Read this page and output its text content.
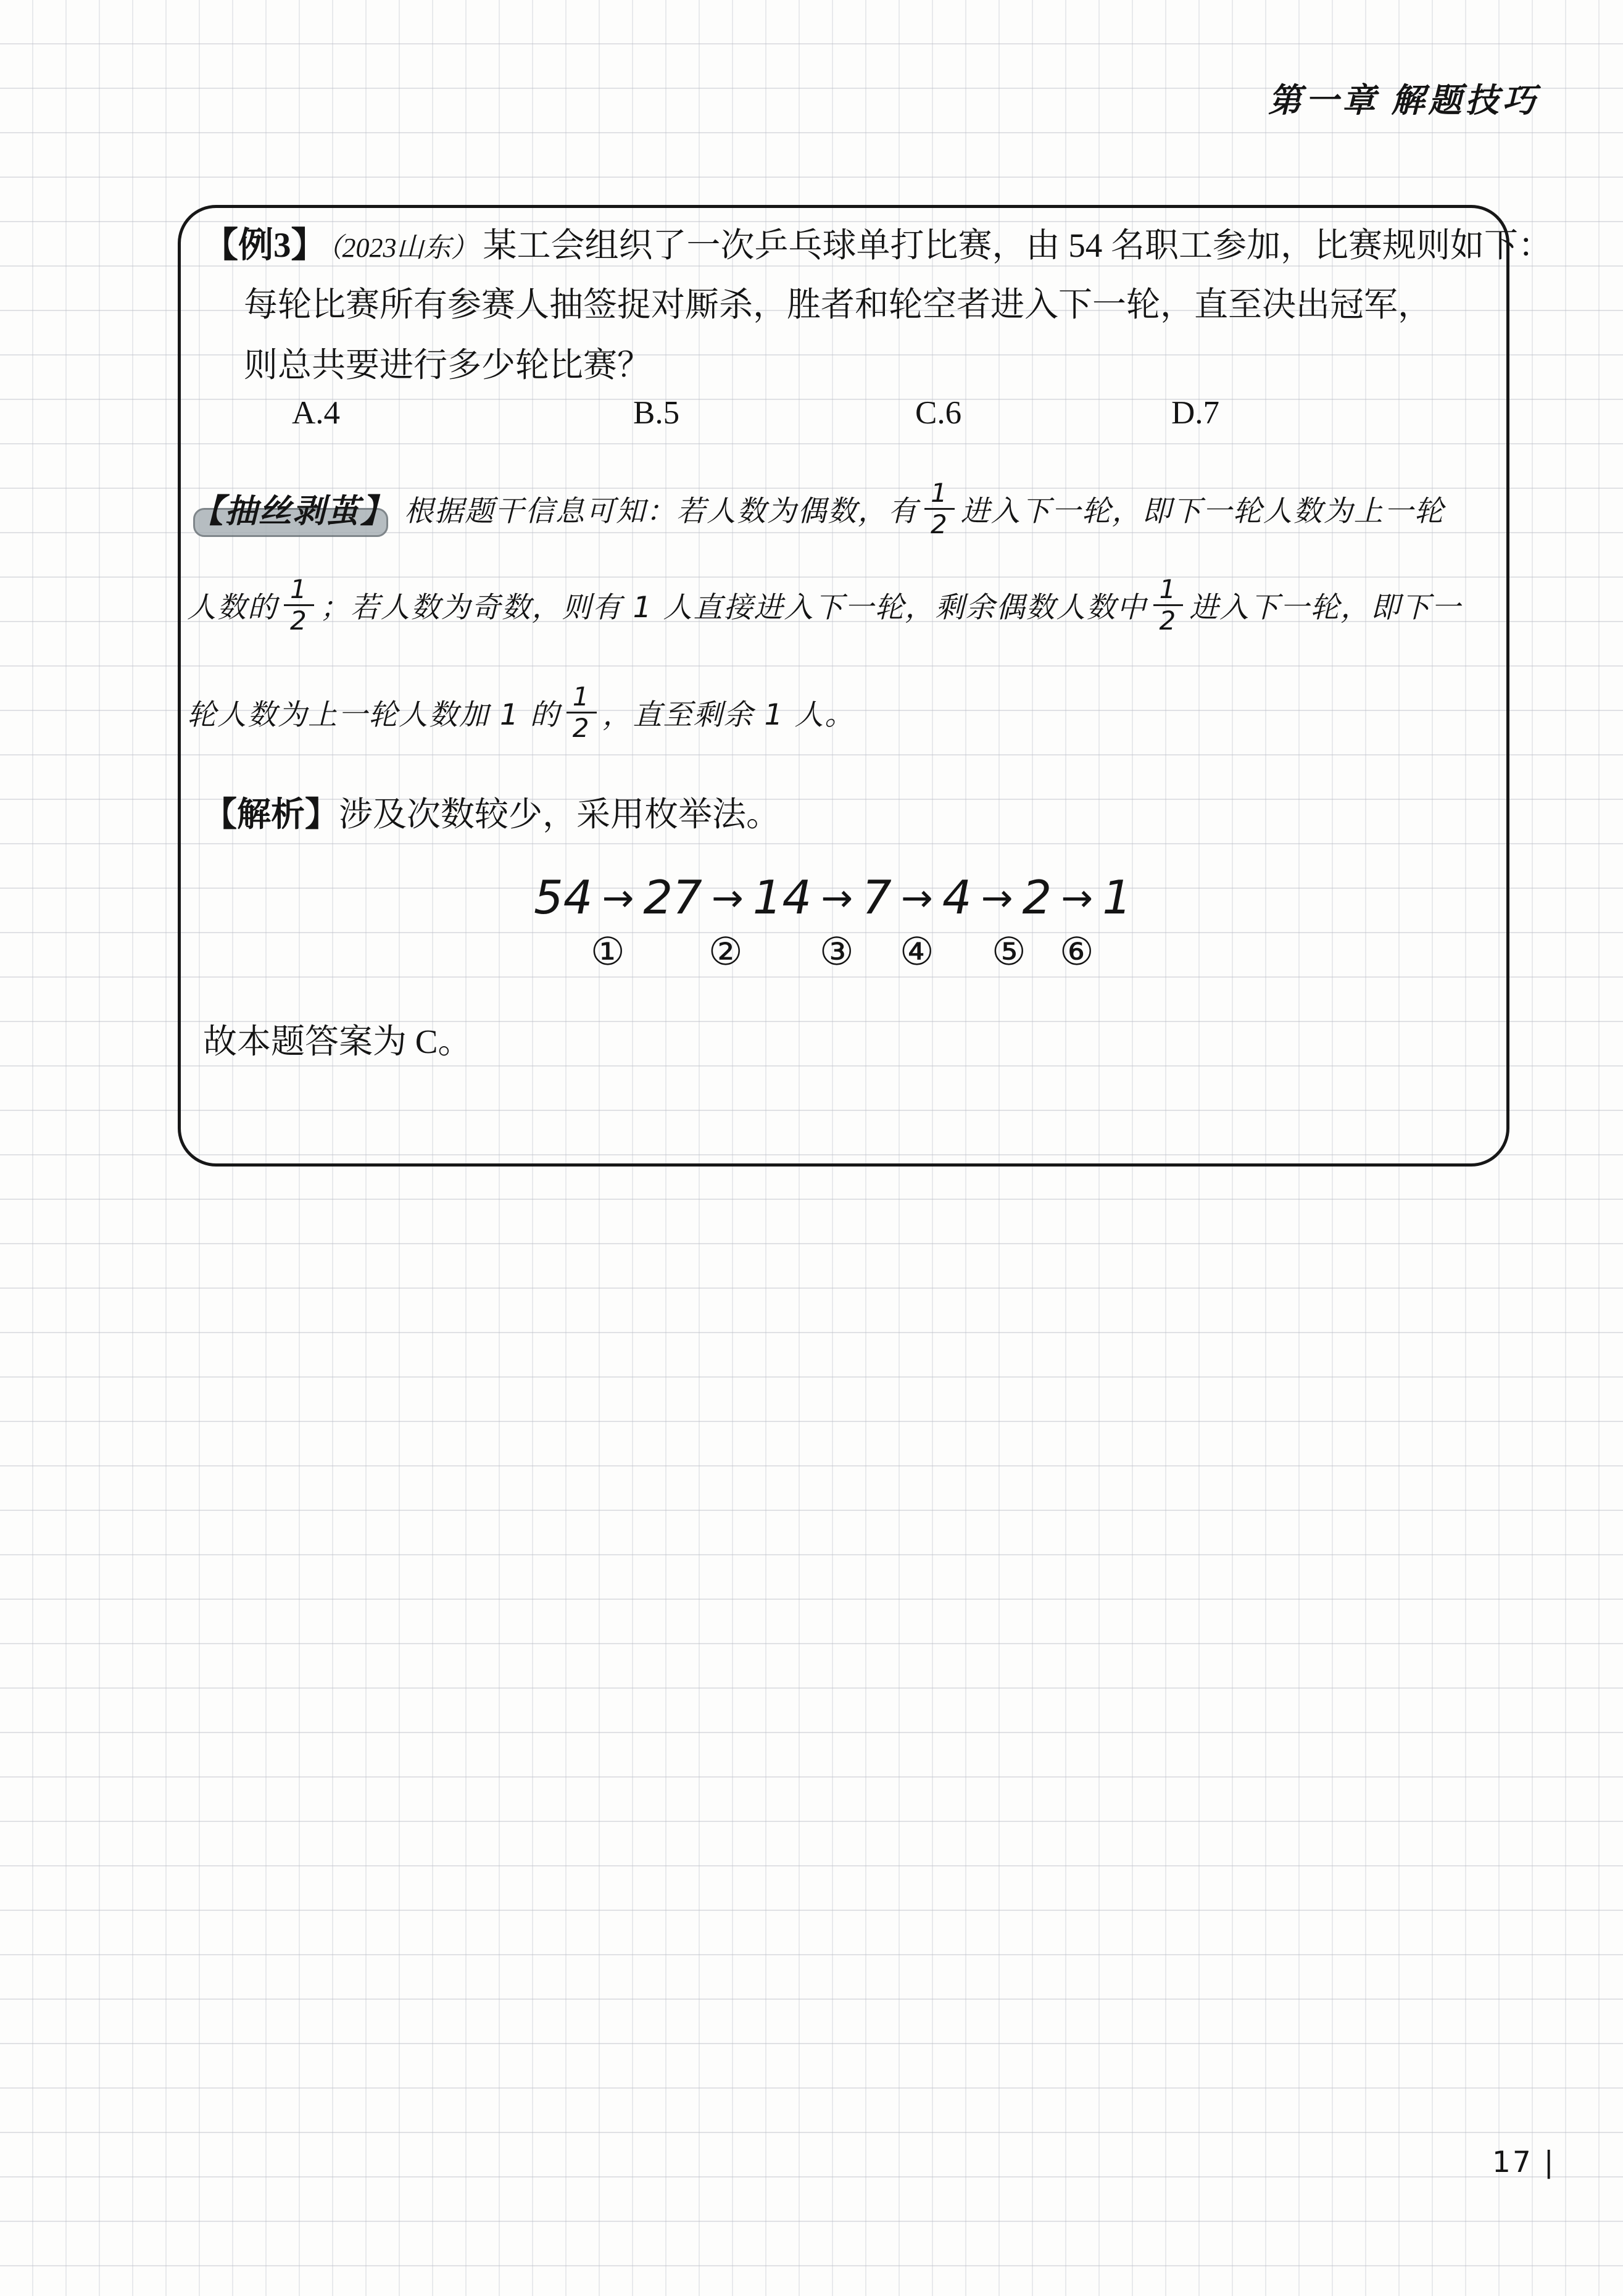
第一章 解题技巧
【例3】（2023山东） 某工会组织了一次乒乓球单打比赛，由 54 名职工参加，比赛规则如下：
每轮比赛所有参赛人抽签捉对厮杀，胜者和轮空者进入下一轮，直至决出冠军，
则总共要进行多少轮比赛？
A.4	B.5	C.6	D.7
【抽丝剥茧】 根据题干信息可知：若人数为偶数，有 $\frac{1}{2}$ 进入下一轮，即下一轮人数为上一轮
人数的 $\frac{1}{2}$ ；若人数为奇数，则有 1 人直接进入下一轮，剩余偶数人数中 $\frac{1}{2}$ 进入下一轮，即下一
轮人数为上一轮人数加 1 的 $\frac{1}{2}$ ，直至剩余 1 人。
【解析】涉及次数较少，采用枚举法。
54 → 27 → 14 → 7 → 4 → 2 → 1
① ② ③ ④ ⑤ ⑥
故本题答案为 C。
17 |
